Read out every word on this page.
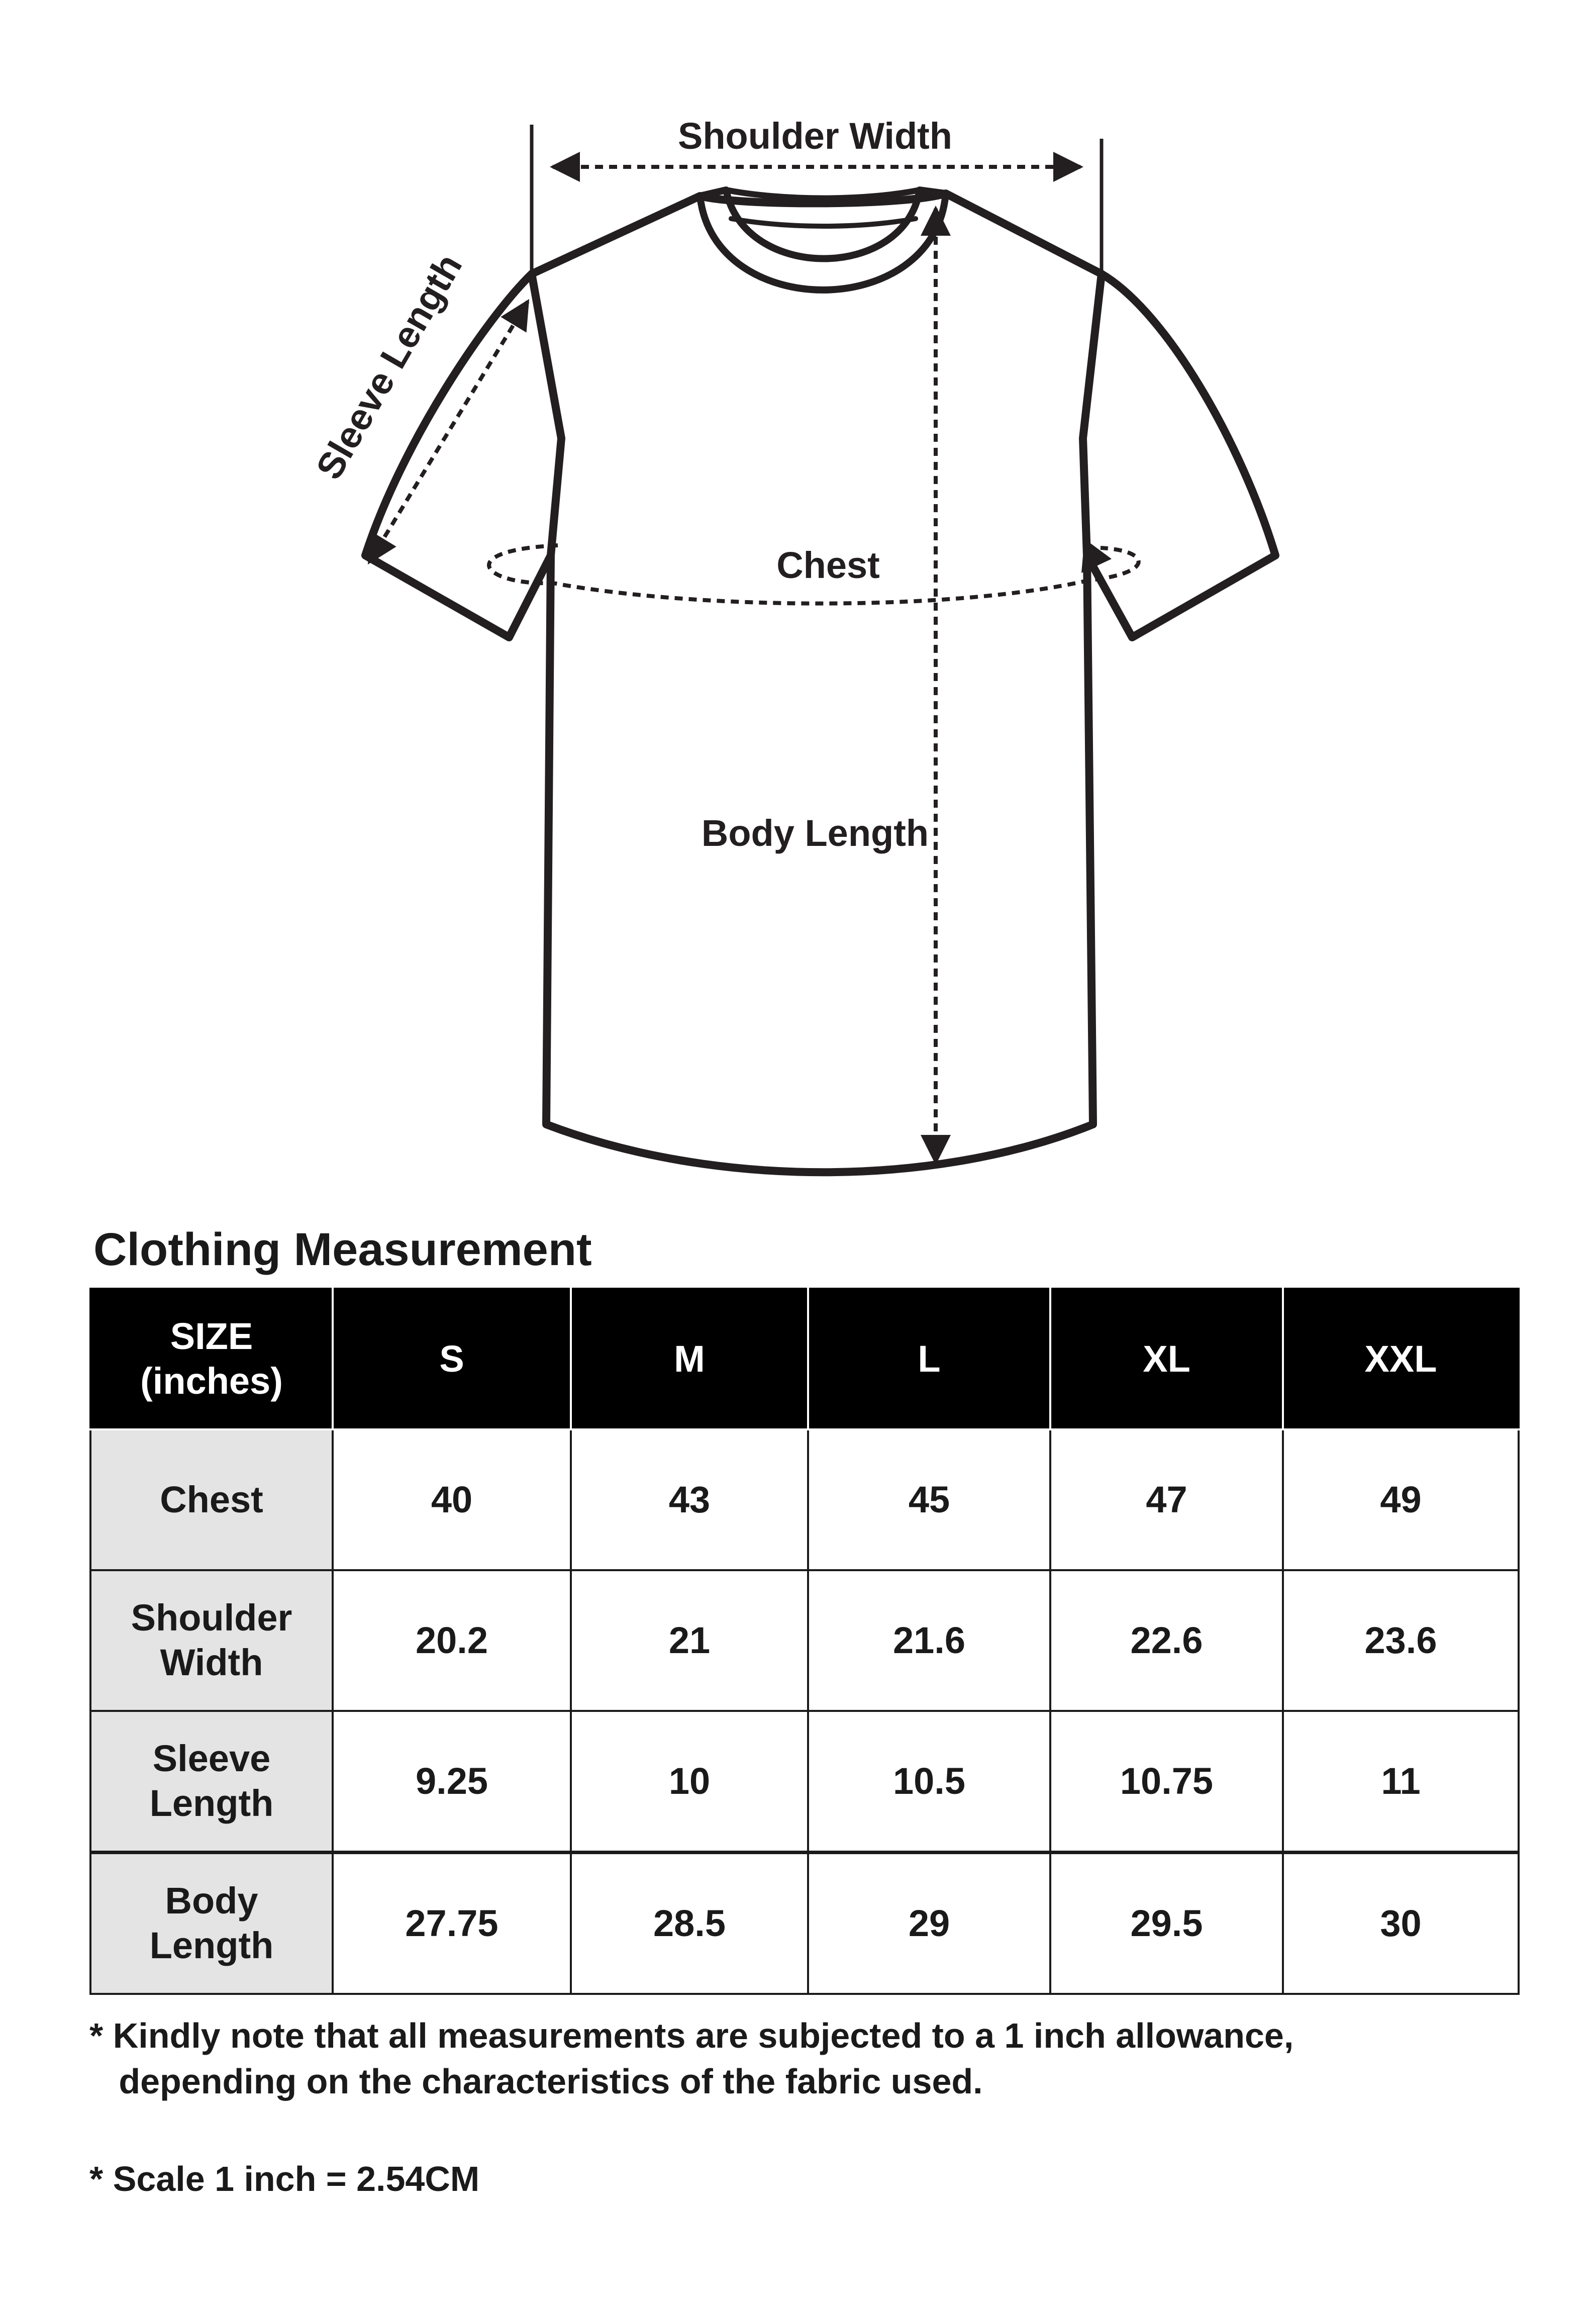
Shoulder Width
Sleeve Length
Chest
Body Length
Clothing Measurement
SIZE
(inches)	S	M	L	XL	XXL
Chest	40	43	45	47	49
Shoulder
Width	20.2	21	21.6	22.6	23.6
Sleeve
Length	9.25	10	10.5	10.75	11
Body
Length	27.75	28.5	29	29.5	30

* Kindly note that all measurements are subjected to a 1 inch allowance,
depending on the characteristics of the fabric used.

* Scale 1 inch = 2.54CM
